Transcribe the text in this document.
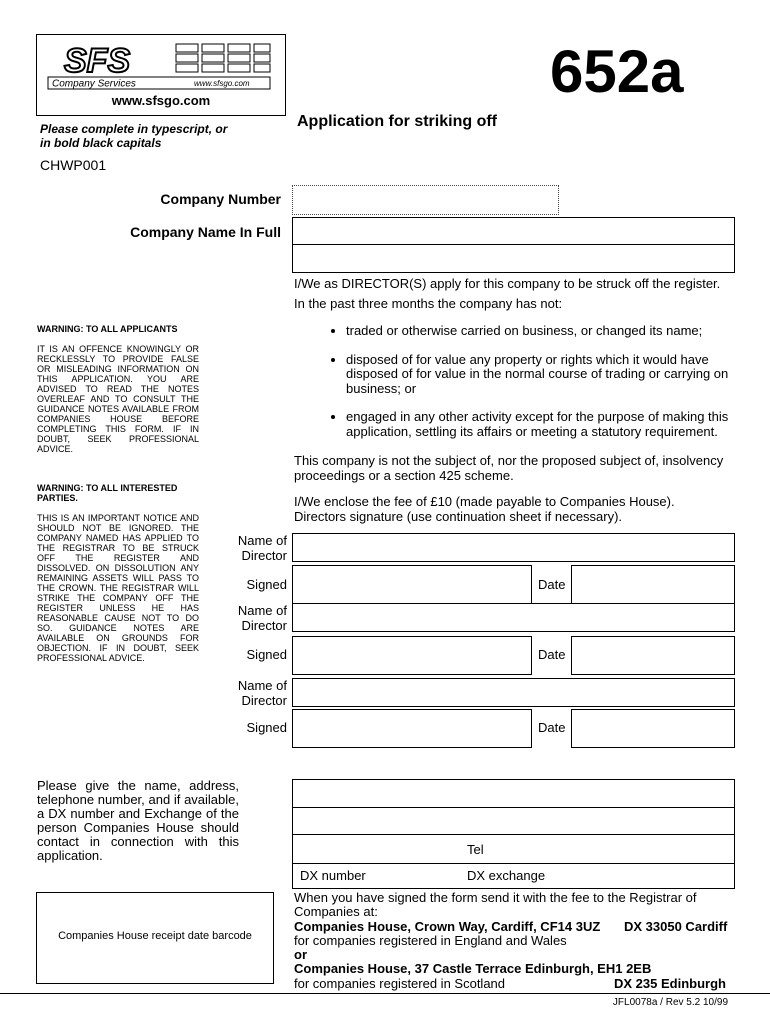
SFS
Company Services	www.sfsgo.com
www.sfsgo.com	652a
Application for striking off
Please complete in typescript, or in bold black capitals
CHWP001
Company Number
Company Name In Full
I/We as DIRECTOR(S) apply for this company to be struck off the register.
In the past three months the company has not:
• traded or otherwise carried on business, or changed its name;
• disposed of for value any property or rights which it would have disposed of for value in the normal course of trading or carrying on business; or
• engaged in any other activity except for the purpose of making this application, settling its affairs or meeting a statutory requirement.
This company is not the subject of, nor the proposed subject of, insolvency proceedings or a section 425 scheme.
I/We enclose the fee of £10 (made payable to Companies House).
Directors signature (use continuation sheet if necessary).
WARNING: TO ALL APPLICANTS
IT IS AN OFFENCE KNOWINGLY OR RECKLESSLY TO PROVIDE FALSE OR MISLEADING INFORMATION ON THIS APPLICATION. YOU ARE ADVISED TO READ THE NOTES OVERLEAF AND TO CONSULT THE GUIDANCE NOTES AVAILABLE FROM COMPANIES HOUSE BEFORE COMPLETING THIS FORM. IF IN DOUBT, SEEK PROFESSIONAL ADVICE.
WARNING: TO ALL INTERESTED PARTIES.
THIS IS AN IMPORTANT NOTICE AND SHOULD NOT BE IGNORED. THE COMPANY NAMED HAS APPLIED TO THE REGISTRAR TO BE STRUCK OFF THE REGISTER AND DISSOLVED. ON DISSOLUTION ANY REMAINING ASSETS WILL PASS TO THE CROWN. THE REGISTRAR WILL STRIKE THE COMPANY OFF THE REGISTER UNLESS HE HAS REASONABLE CAUSE NOT TO DO SO. GUIDANCE NOTES ARE AVAILABLE ON GROUNDS FOR OBJECTION. IF IN DOUBT, SEEK PROFESSIONAL ADVICE.
Name of Director
Signed	Date
Name of Director
Signed	Date
Name of Director
Signed	Date
Please give the name, address, telephone number, and if available, a DX number and Exchange of the person Companies House should contact in connection with this application.	Tel
DX number	DX exchange
Companies House receipt date barcode
When you have signed the form send it with the fee to the Registrar of Companies at:
Companies House, Crown Way, Cardiff, CF14 3UZ DX 33050 Cardiff
for companies registered in England and Wales
or
Companies House, 37 Castle Terrace Edinburgh, EH1 2EB
for companies registered in Scotland	DX 235 Edinburgh
JFL0078a / Rev 5.2 10/99
